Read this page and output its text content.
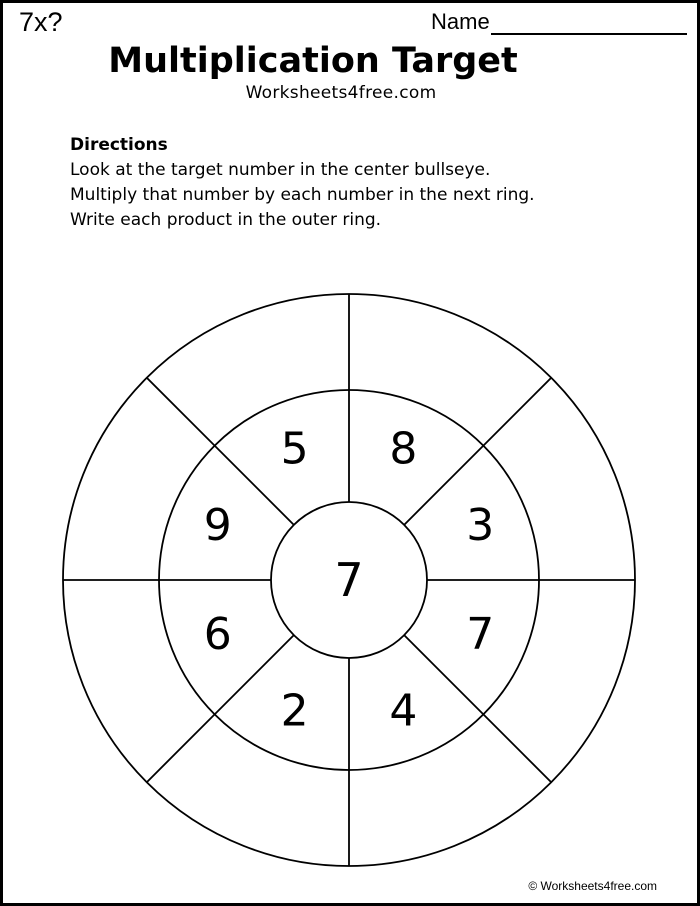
7x?	Name
Multiplication Target
Worksheets4free.com
Directions
Look at the target number in the center bullseye.
Multiply that number by each number in the next ring.
Write each product in the outer ring.
8
3
7
4
2
6
9
5
7
© Worksheets4free.com
